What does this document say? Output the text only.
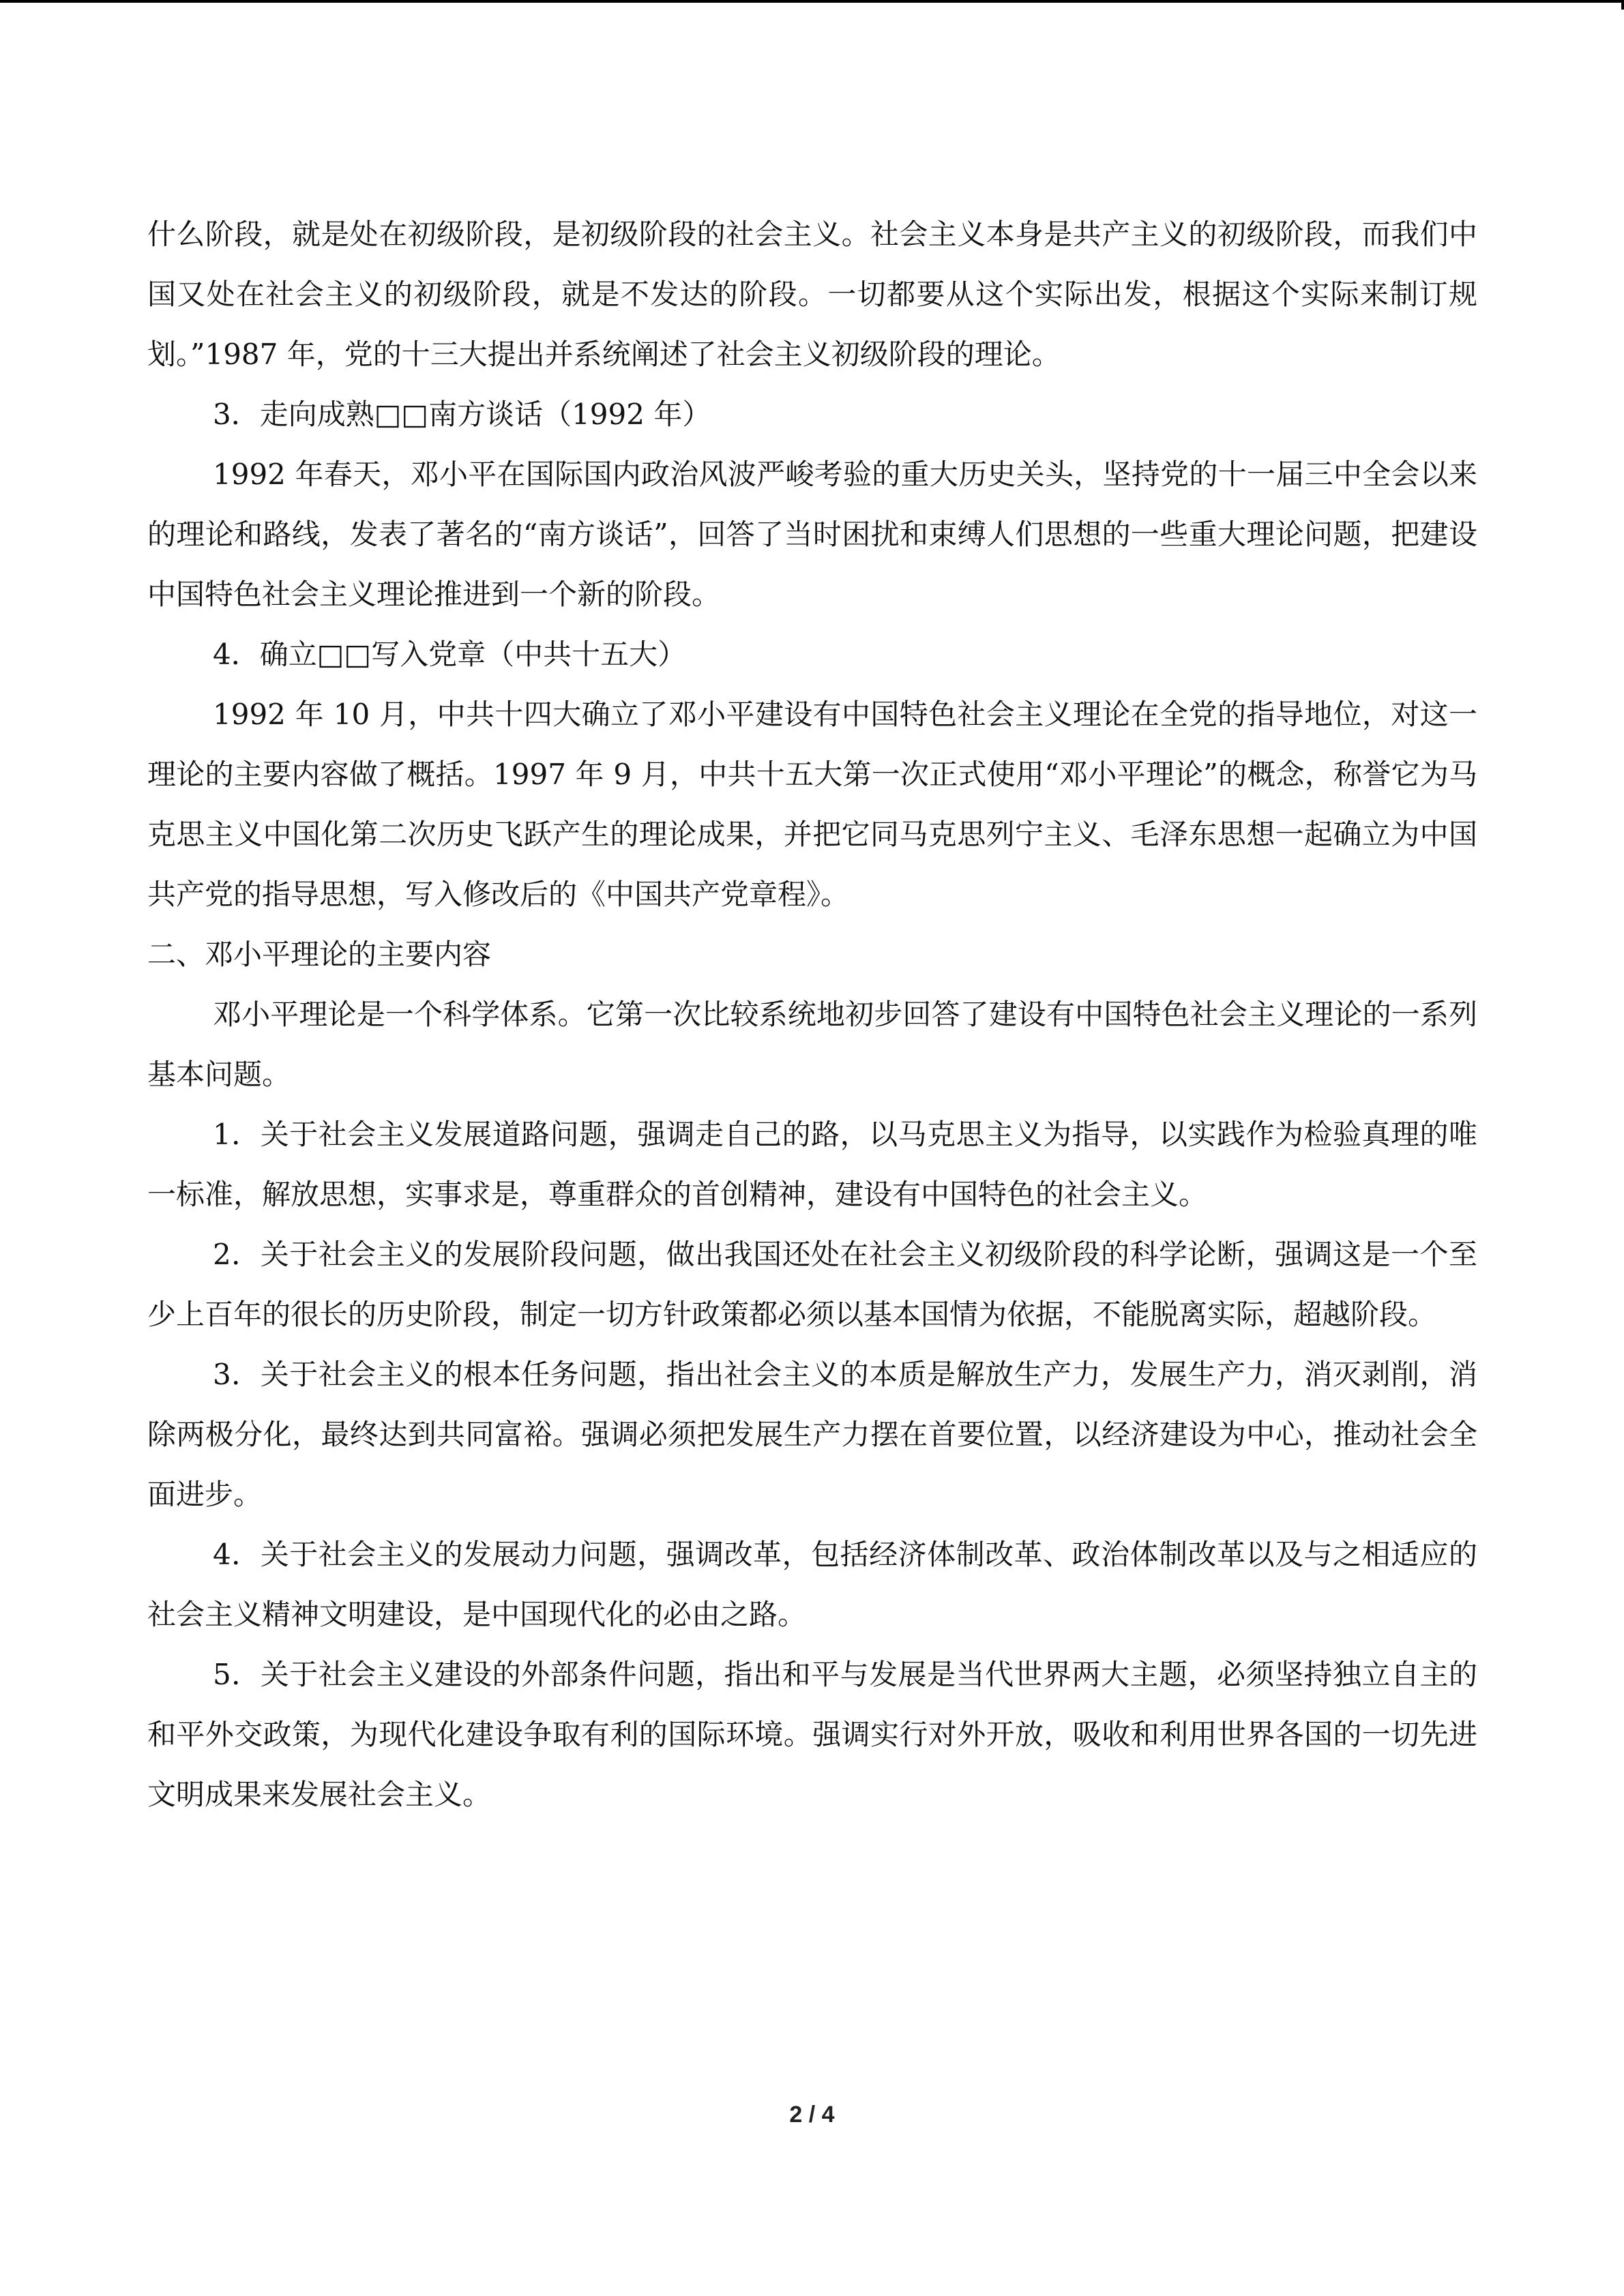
什么阶段，就是处在初级阶段，是初级阶段的社会主义。社会主义本身是共产主义的初级阶段，而我们中国又处在社会主义的初级阶段，就是不发达的阶段。一切都要从这个实际出发，根据这个实际来制订规划。”1987 年，党的十三大提出并系统阐述了社会主义初级阶段的理论。

3．走向成熟□□南方谈话（1992 年）

1992 年春天，邓小平在国际国内政治风波严峻考验的重大历史关头，坚持党的十一届三中全会以来的理论和路线，发表了著名的“南方谈话”，回答了当时困扰和束缚人们思想的一些重大理论问题，把建设中国特色社会主义理论推进到一个新的阶段。

4．确立□□写入党章（中共十五大）

1992 年 10 月，中共十四大确立了邓小平建设有中国特色社会主义理论在全党的指导地位，对这一理论的主要内容做了概括。1997 年 9 月，中共十五大第一次正式使用“邓小平理论”的概念，称誉它为马克思主义中国化第二次历史飞跃产生的理论成果，并把它同马克思列宁主义、毛泽东思想一起确立为中国共产党的指导思想，写入修改后的《中国共产党章程》。

二、邓小平理论的主要内容

邓小平理论是一个科学体系。它第一次比较系统地初步回答了建设有中国特色社会主义理论的一系列基本问题。

1．关于社会主义发展道路问题，强调走自己的路，以马克思主义为指导，以实践作为检验真理的唯一标准，解放思想，实事求是，尊重群众的首创精神，建设有中国特色的社会主义。

2．关于社会主义的发展阶段问题，做出我国还处在社会主义初级阶段的科学论断，强调这是一个至少上百年的很长的历史阶段，制定一切方针政策都必须以基本国情为依据，不能脱离实际，超越阶段。

3．关于社会主义的根本任务问题，指出社会主义的本质是解放生产力，发展生产力，消灭剥削，消除两极分化，最终达到共同富裕。强调必须把发展生产力摆在首要位置，以经济建设为中心，推动社会全面进步。

4．关于社会主义的发展动力问题，强调改革，包括经济体制改革、政治体制改革以及与之相适应的社会主义精神文明建设，是中国现代化的必由之路。

5．关于社会主义建设的外部条件问题，指出和平与发展是当代世界两大主题，必须坚持独立自主的和平外交政策，为现代化建设争取有利的国际环境。强调实行对外开放，吸收和利用世界各国的一切先进文明成果来发展社会主义。

2 / 4
